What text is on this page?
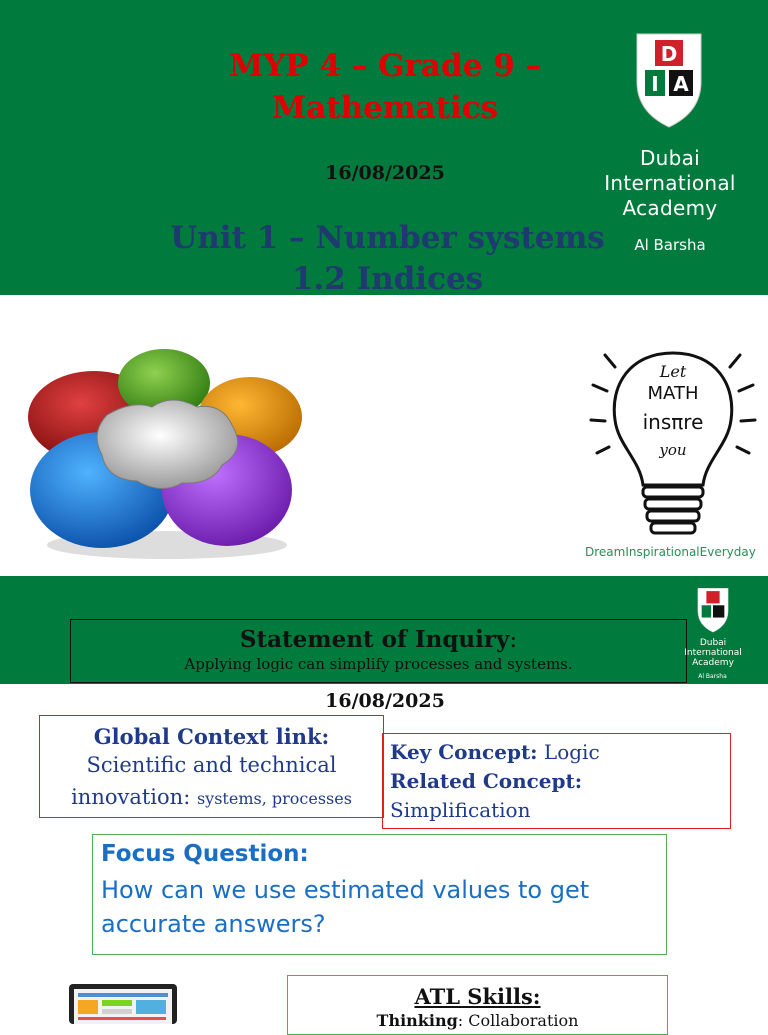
MYP 4 – Grade 9 – Mathematics
16/08/2025
Unit 1 – Number systems
1.2 Indices
D
I A
Dubai
International
Academy
Al Barsha
Let
MATH
insπre
you
DreamInspirationalEveryday
Statement of Inquiry:
Applying logic can simplify processes and systems.
Dubai
International
Academy
Al Barsha
16/08/2025
Global Context link:
Scientific and technical
innovation: systems, processes
Key Concept: Logic
Related Concept:
Simplification
Focus Question:
How can we use estimated values to get accurate answers?
ATL Skills:
Thinking: Collaboration
